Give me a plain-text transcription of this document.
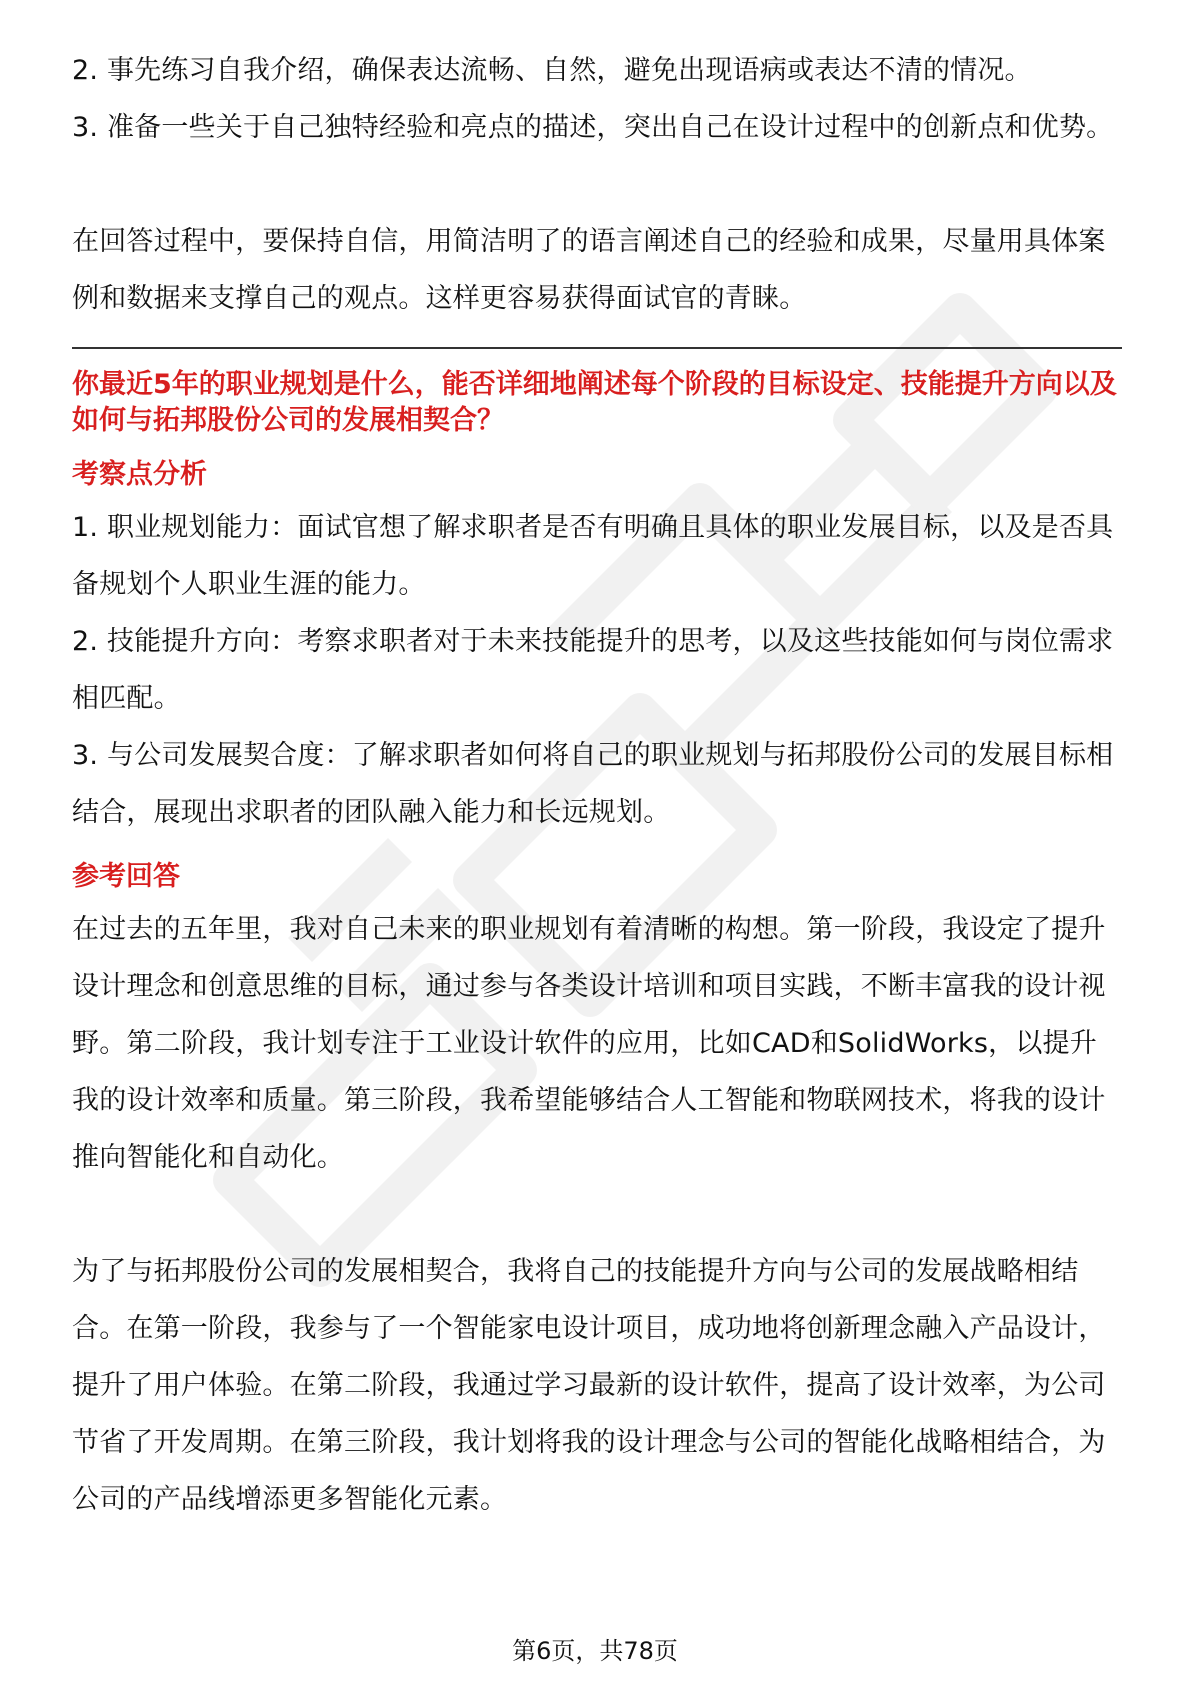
2. 事先练习自我介绍，确保表达流畅、自然，避免出现语病或表达不清的情况。

3. 准备一些关于自己独特经验和亮点的描述，突出自己在设计过程中的创新点和优势。

在回答过程中，要保持自信，用简洁明了的语言阐述自己的经验和成果，尽量用具体案例和数据来支撑自己的观点。这样更容易获得面试官的青睐。

你最近5年的职业规划是什么，能否详细地阐述每个阶段的目标设定、技能提升方向以及如何与拓邦股份公司的发展相契合？

考察点分析

1. 职业规划能力：面试官想了解求职者是否有明确且具体的职业发展目标，以及是否具备规划个人职业生涯的能力。

2. 技能提升方向：考察求职者对于未来技能提升的思考，以及这些技能如何与岗位需求相匹配。

3. 与公司发展契合度：了解求职者如何将自己的职业规划与拓邦股份公司的发展目标相结合，展现出求职者的团队融入能力和长远规划。

参考回答

在过去的五年里，我对自己未来的职业规划有着清晰的构想。第一阶段，我设定了提升设计理念和创意思维的目标，通过参与各类设计培训和项目实践，不断丰富我的设计视野。第二阶段，我计划专注于工业设计软件的应用，比如CAD和SolidWorks，以提升我的设计效率和质量。第三阶段，我希望能够结合人工智能和物联网技术，将我的设计推向智能化和自动化。

为了与拓邦股份公司的发展相契合，我将自己的技能提升方向与公司的发展战略相结合。在第一阶段，我参与了一个智能家电设计项目，成功地将创新理念融入产品设计，提升了用户体验。在第二阶段，我通过学习最新的设计软件，提高了设计效率，为公司节省了开发周期。在第三阶段，我计划将我的设计理念与公司的智能化战略相结合，为公司的产品线增添更多智能化元素。

第6页，共78页
